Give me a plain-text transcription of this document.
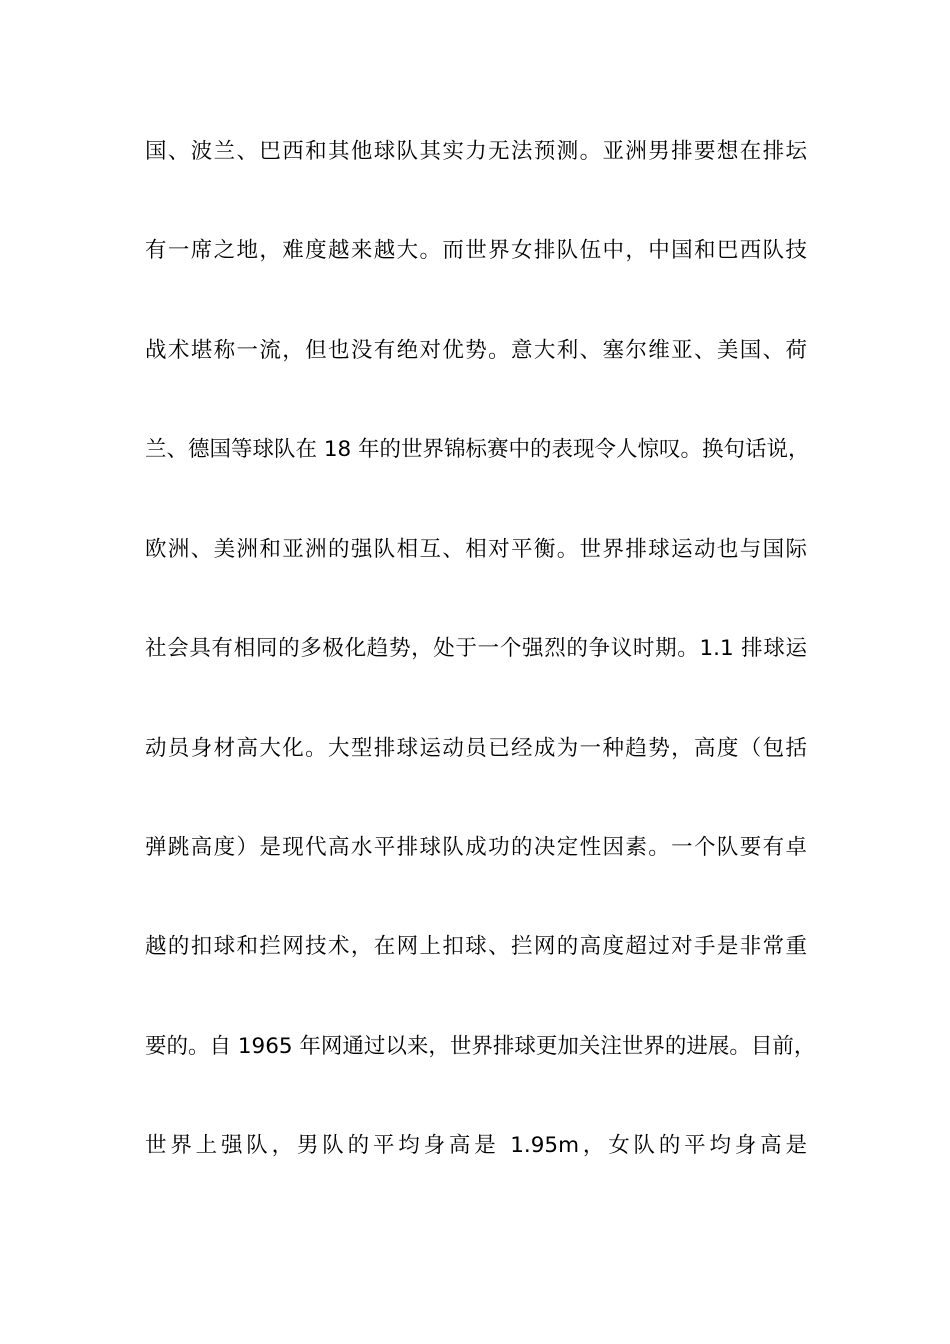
国、波兰、巴西和其他球队其实力无法预测。亚洲男排要想在排坛
有一席之地，难度越来越大。而世界女排队伍中，中国和巴西队技
战术堪称一流，但也没有绝对优势。意大利、塞尔维亚、美国、荷
兰、德国等球队在 18 年的世界锦标赛中的表现令人惊叹。换句话说，
欧洲、美洲和亚洲的强队相互、相对平衡。世界排球运动也与国际
社会具有相同的多极化趋势，处于一个强烈的争议时期。1.1 排球运
动员身材高大化。大型排球运动员已经成为一种趋势，高度（包括
弹跳高度）是现代高水平排球队成功的决定性因素。一个队要有卓
越的扣球和拦网技术，在网上扣球、拦网的高度超过对手是非常重
要的。自 1965 年网通过以来，世界排球更加关注世界的进展。目前，
世界上强队，男队的平均身高是 1.95m，女队的平均身高是
